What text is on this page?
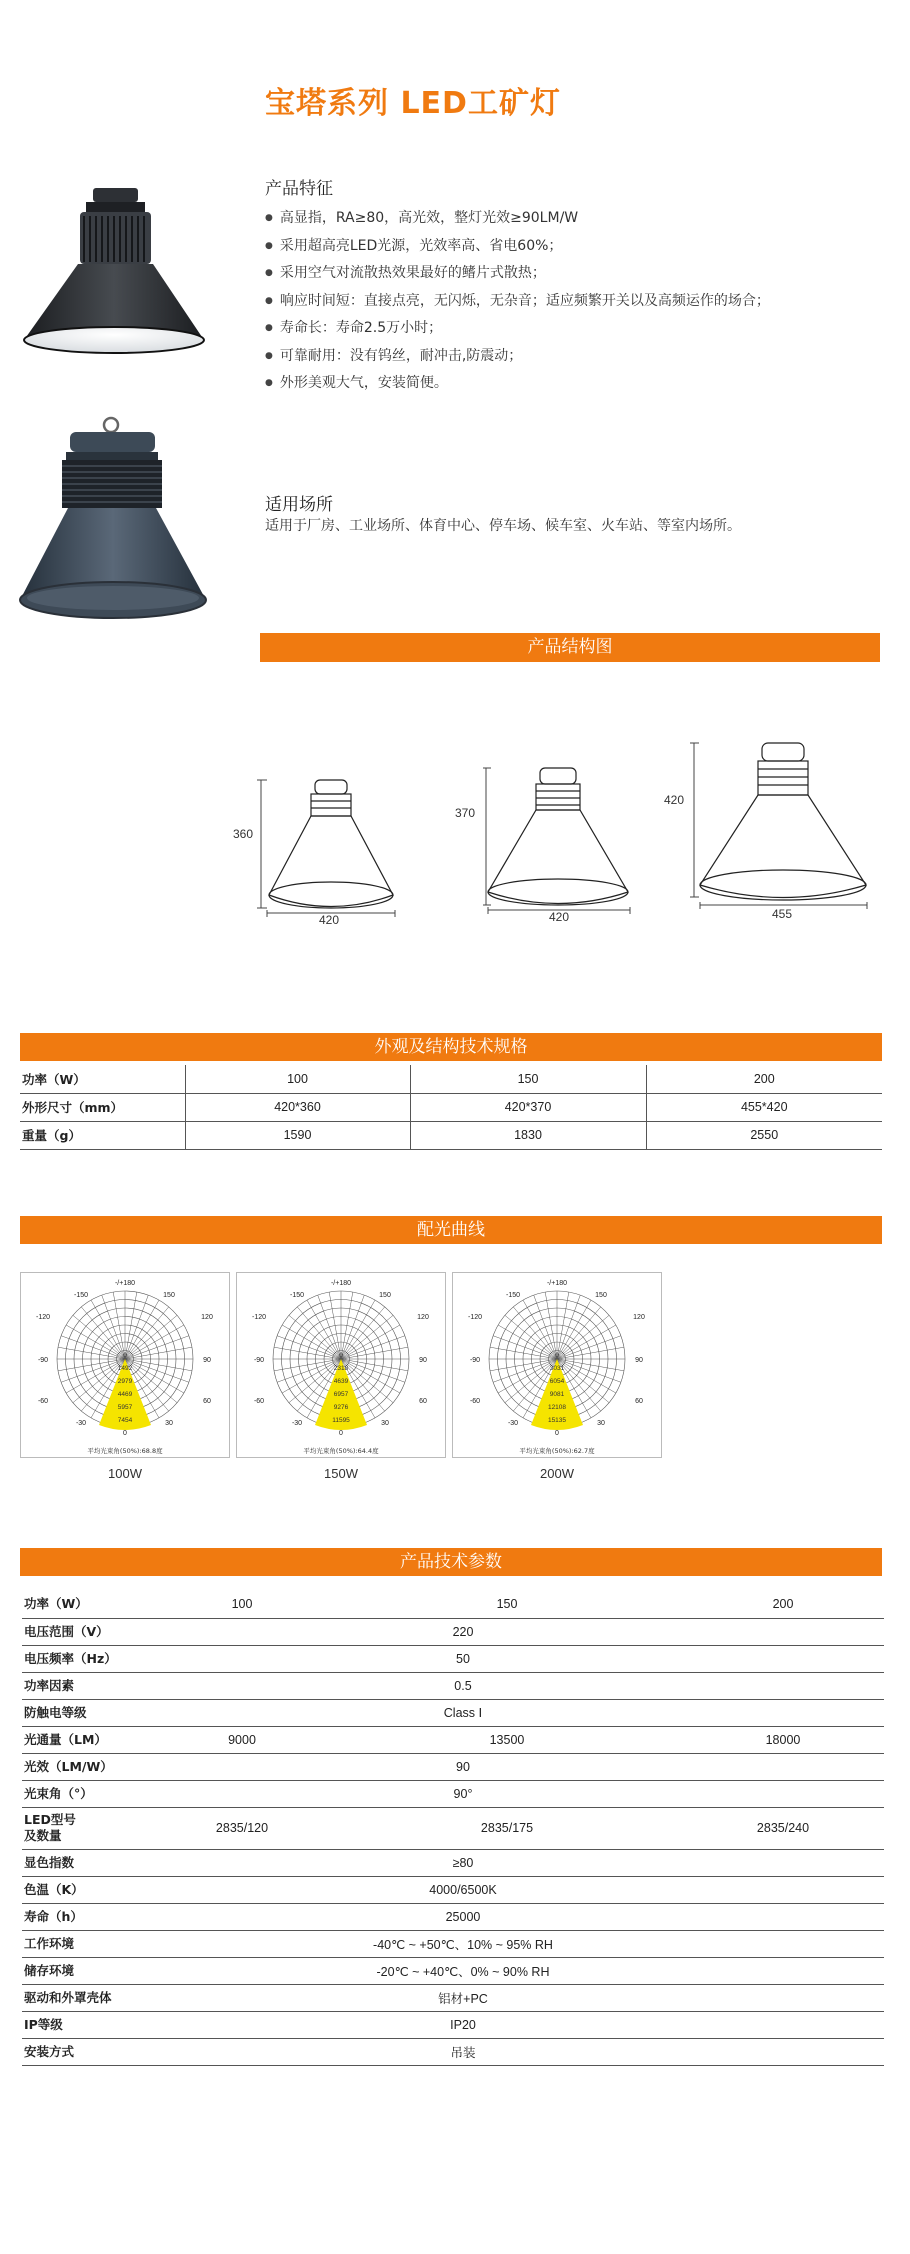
宝塔系列 LED工矿灯
产品特征
● 高显指，RA≥80，高光效，整灯光效≥90LM/W
● 采用超高亮LED光源，光效率高、省电60%；
● 采用空气对流散热效果最好的鳍片式散热；
● 响应时间短：直接点亮，无闪烁，无杂音；适应频繁开关以及高频运作的场合；
● 寿命长：寿命2.5万小时；
● 可靠耐用：没有钨丝，耐冲击,防震动；
● 外形美观大气，安装简便。
适用场所
适用于厂房、工业场所、体育中心、停车场、候车室、火车站、等室内场所。
产品结构图
360
420
370
420
420
455
外观及结构技术规格
功率（W）	100	150	200
外形尺寸（mm）	420*360	420*370	455*420
重量（g）	1590	1830	2550
配光曲线
-/+180
-150	150
-120	120
-90	90
-60	60
-30	30
0
1492
2979
4469
5957
7454
0
平均光束角(50%):68.8度
100W
-/+180
-150	150
-120	120
-90	90
-60	60
-30	30
0
2318
4639
6957
9276
11595
0
平均光束角(50%):64.4度
150W
-/+180
-150	150
-120	120
-90	90
-60	60
-30	30
0
3031
6054
9081
12108
15135
0
平均光束角(50%):62.7度
200W
产品技术参数
功率（W）	100	150	200
电压范围（V）	220		
电压频率（Hz）	50		
功率因素	0.5		
防触电等级	Class Ⅰ		
光通量（LM）	9000	13500	18000
光效（LM/W）	90		
光束角（°）	90°		
LED型号
及数量	2835/120	2835/175	2835/240
显色指数	≥80		
色温（K）	4000/6500K		
寿命（h）	25000		
工作环境	-40℃ ~ +50℃、10% ~ 95% RH		
储存环境	-20℃ ~ +40℃、0% ~ 90% RH		
驱动和外罩壳体	铝材+PC		
IP等级	IP20		
安装方式	吊装		
